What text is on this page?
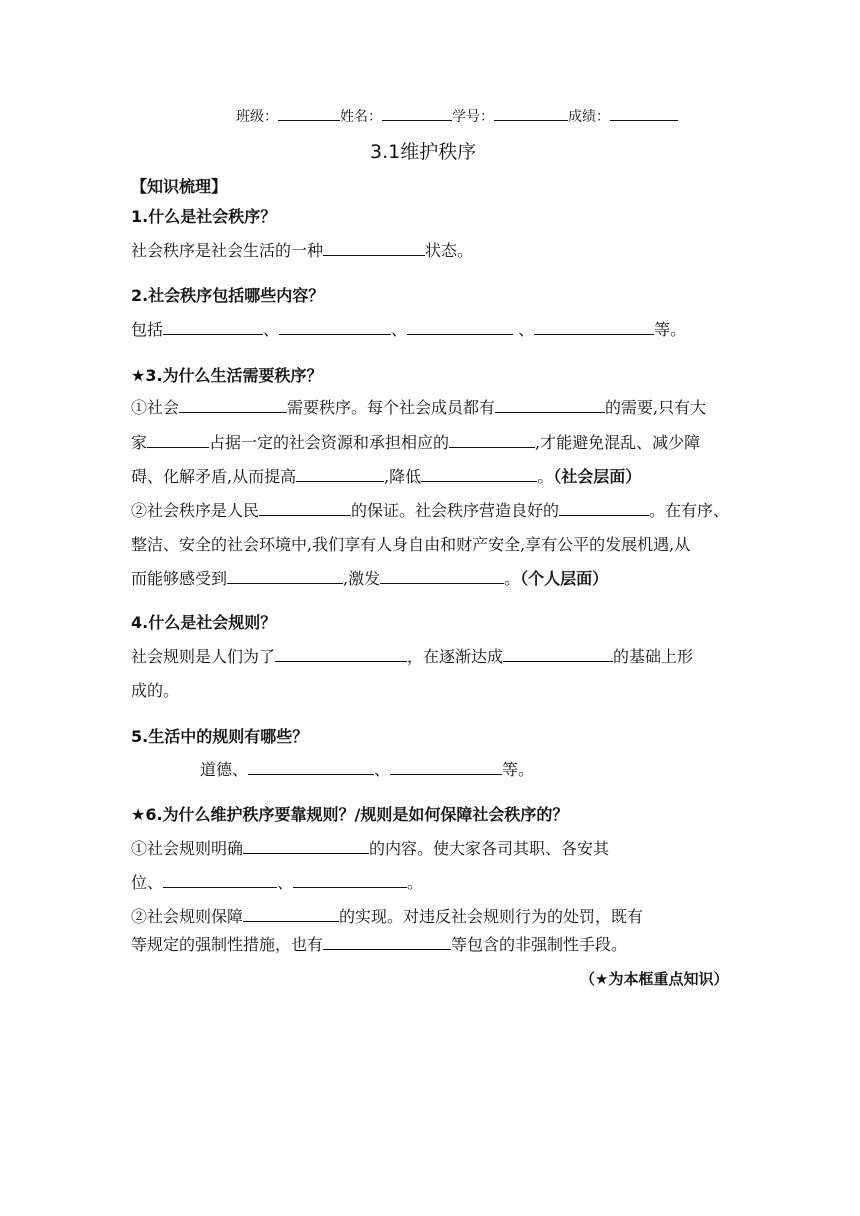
班级：	姓名：	学号：	成绩：
3.1维护秩序
【知识梳理】
1.什么是社会秩序？
社会秩序是社会生活的一种	状态。
2.社会秩序包括哪些内容？
包括	、	、	、	等。
★3.为什么生活需要秩序？
①社会	需要秩序。每个社会成员都有	的需要,只有大
家	占据一定的社会资源和承担相应的	,才能避免混乱、减少障
碍、化解矛盾,从而提高	,降低	。（社会层面）
②社会秩序是人民	的保证。社会秩序营造良好的	。在有序、
整洁、安全的社会环境中,我们享有人身自由和财产安全,享有公平的发展机遇,从
而能够感受到	,激发	。（个人层面）
4.什么是社会规则？
社会规则是人们为了	，在逐渐达成	的基础上形
成的。
5.生活中的规则有哪些？
道德、	、	等。
★6.为什么维护秩序要靠规则？/规则是如何保障社会秩序的？
①社会规则明确	的内容。使大家各司其职、各安其
位、	、	。
②社会规则保障	的实现。对违反社会规则行为的处罚，既有
等规定的强制性措施，也有	等包含的非强制性手段。
（★为本框重点知识）
